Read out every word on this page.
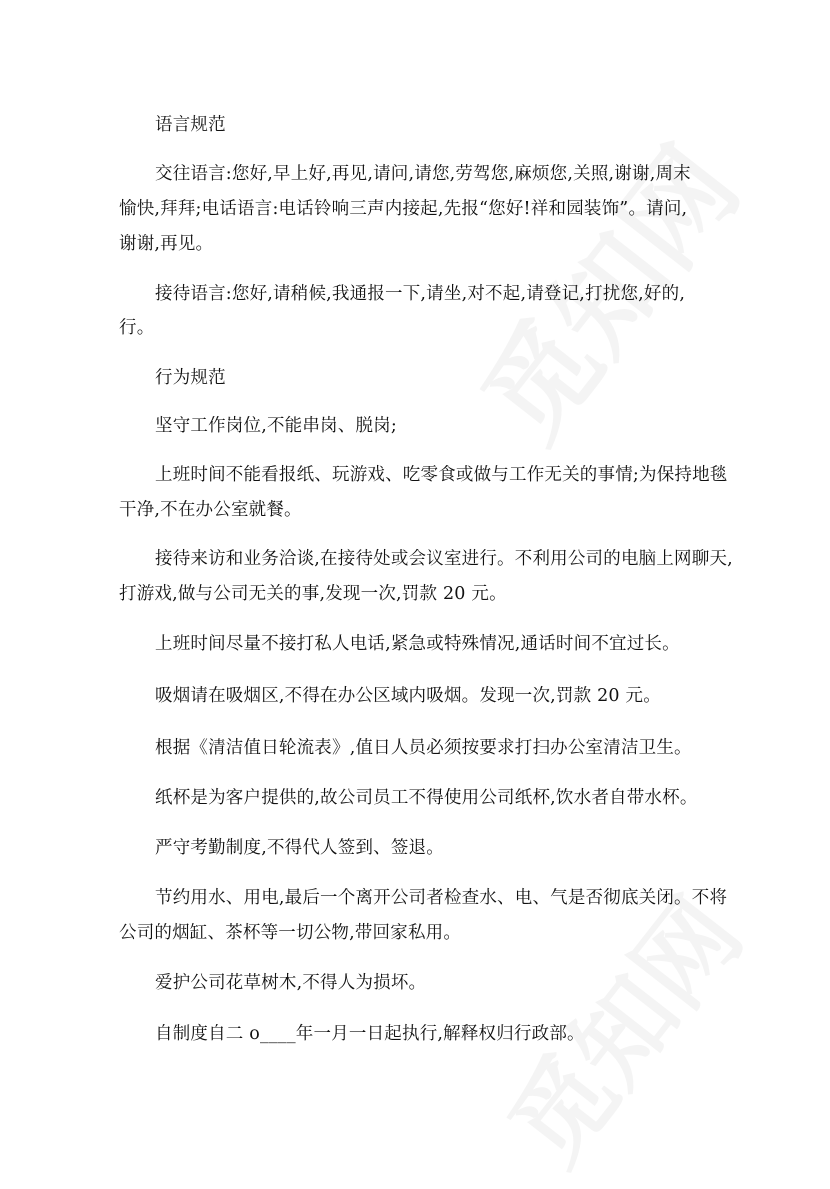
语言规范
交往语言:您好,早上好,再见,请问,请您,劳驾您,麻烦您,关照,谢谢,周末
愉快,拜拜;电话语言:电话铃响三声内接起,先报“您好!祥和园装饰”。请问,
谢谢,再见。
接待语言:您好,请稍候,我通报一下,请坐,对不起,请登记,打扰您,好的,
行。
行为规范
坚守工作岗位,不能串岗、脱岗;
上班时间不能看报纸、玩游戏、吃零食或做与工作无关的事情;为保持地毯
干净,不在办公室就餐。
接待来访和业务洽谈,在接待处或会议室进行。不利用公司的电脑上网聊天,
打游戏,做与公司无关的事,发现一次,罚款 20 元。
上班时间尽量不接打私人电话,紧急或特殊情况,通话时间不宜过长。
吸烟请在吸烟区,不得在办公区域内吸烟。发现一次,罚款 20 元。
根据《清洁值日轮流表》,值日人员必须按要求打扫办公室清洁卫生。
纸杯是为客户提供的,故公司员工不得使用公司纸杯,饮水者自带水杯。
严守考勤制度,不得代人签到、签退。
节约用水、用电,最后一个离开公司者检查水、电、气是否彻底关闭。不将
公司的烟缸、茶杯等一切公物,带回家私用。
爱护公司花草树木,不得人为损坏。
自制度自二 o____年一月一日起执行,解释权归行政部。
